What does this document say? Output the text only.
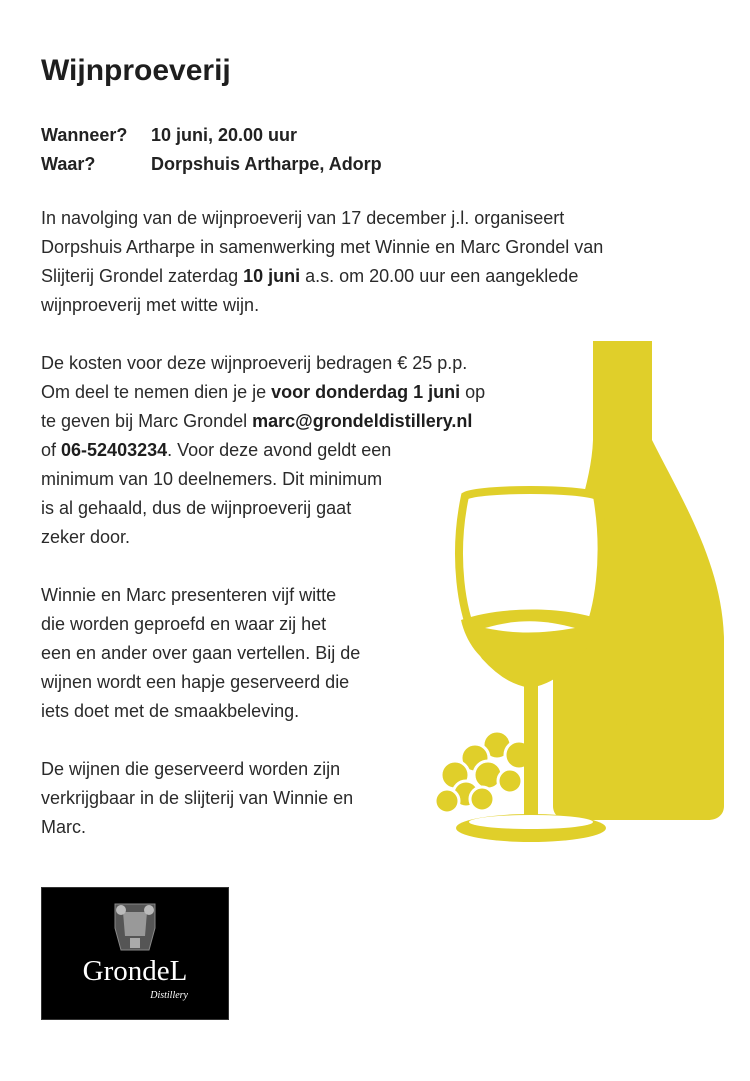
Wijnproeverij
Wanneer?	10 juni, 20.00 uur
Waar?	Dorpshuis Artharpe, Adorp

In navolging van de wijnproeverij van 17 december j.l. organiseert
Dorpshuis Artharpe in samenwerking met Winnie en Marc Grondel van
Slijterij Grondel zaterdag 10 juni a.s. om 20.00 uur een aangeklede
wijnproeverij met witte wijn.

De kosten voor deze wijnproeverij bedragen € 25 p.p.
Om deel te nemen dien je je voor donderdag 1 juni op
te geven bij Marc Grondel marc@grondeldistillery.nl
of 06-52403234. Voor deze avond geldt een
minimum van 10 deelnemers. Dit minimum
is al gehaald, dus de wijnproeverij gaat
zeker door.

Winnie en Marc presenteren vijf witte
die worden geproefd en waar zij het
een en ander over gaan vertellen. Bij de
wijnen wordt een hapje geserveerd die
iets doet met de smaakbeleving.

De wijnen die geserveerd worden zijn
verkrijgbaar in de slijterij van Winnie en
Marc.

GrondeL
Distillery
